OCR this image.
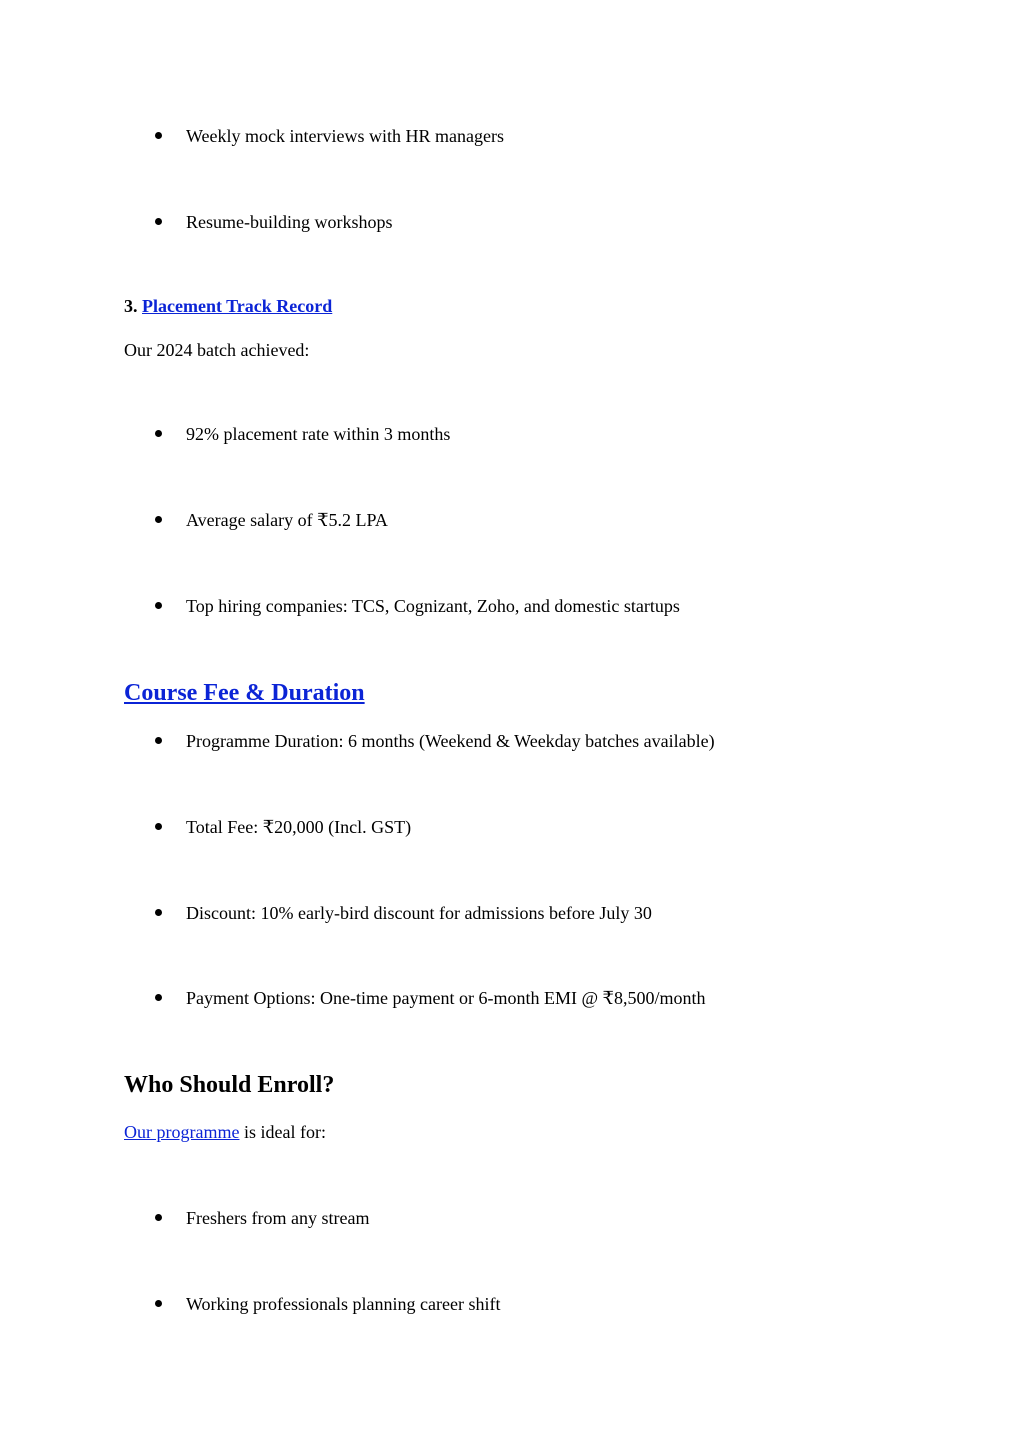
Weekly mock interviews with HR managers
Resume-building workshops
3. Placement Track Record
Our 2024 batch achieved:
92% placement rate within 3 months
Average salary of ₹5.2 LPA
Top hiring companies: TCS, Cognizant, Zoho, and domestic startups
Course Fee & Duration
Programme Duration: 6 months (Weekend & Weekday batches available)
Total Fee: ₹20,000 (Incl. GST)
Discount: 10% early-bird discount for admissions before July 30
Payment Options: One-time payment or 6-month EMI @ ₹8,500/month
Who Should Enroll?
Our programme is ideal for:
Freshers from any stream
Working professionals planning career shift
